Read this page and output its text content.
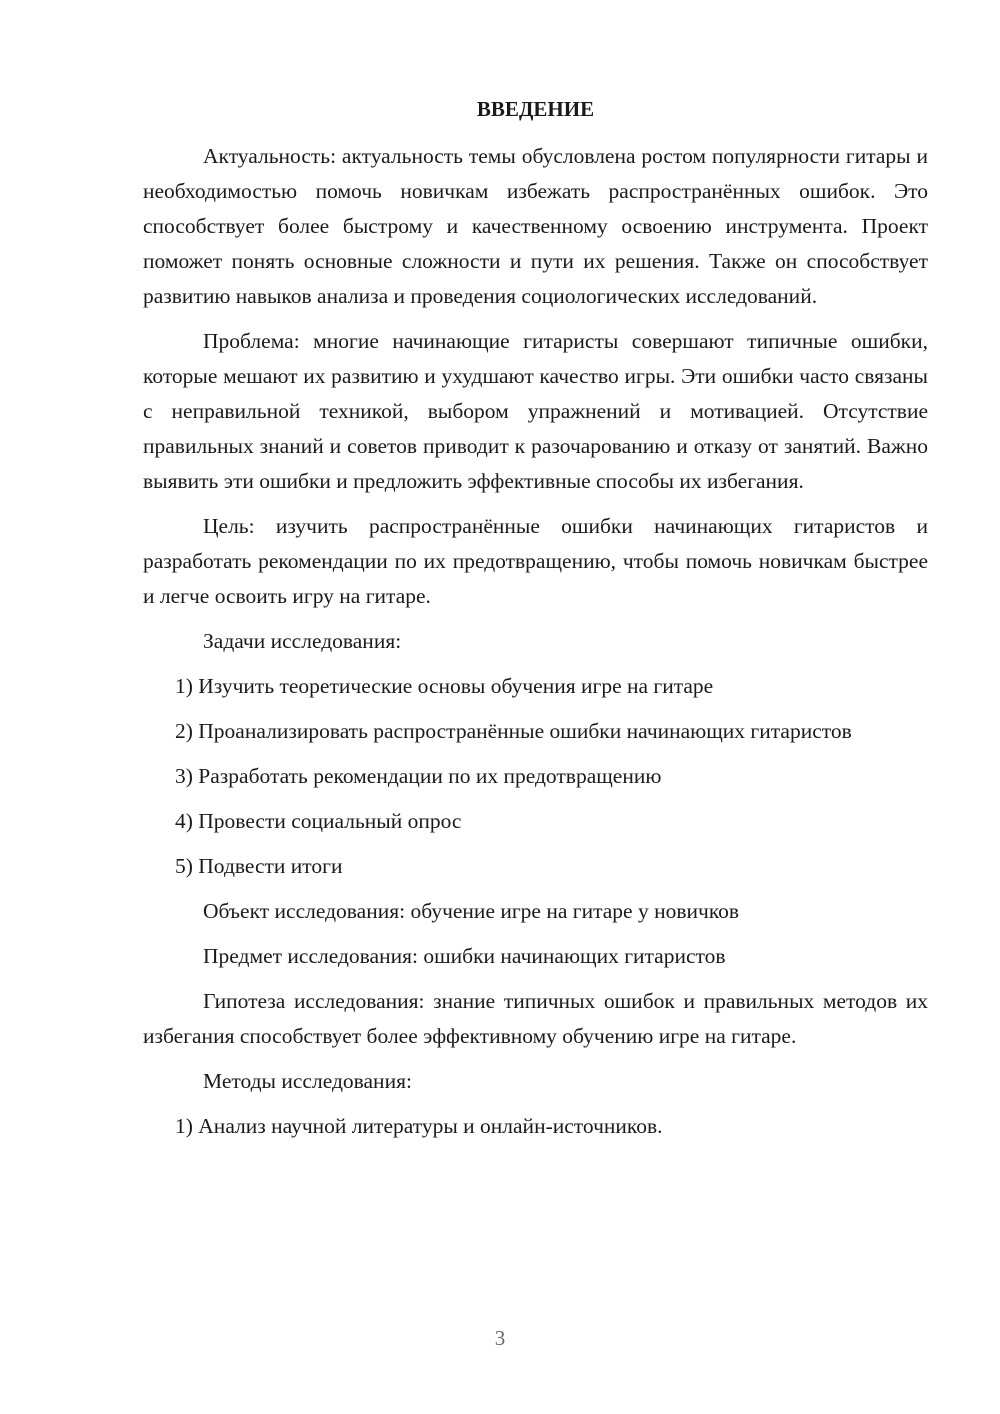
ВВЕДЕНИЕ

Актуальность: актуальность темы обусловлена ростом популярности гитары и необходимостью помочь новичкам избежать распространённых ошибок. Это способствует более быстрому и качественному освоению инструмента. Проект поможет понять основные сложности и пути их решения. Также он способствует развитию навыков анализа и проведения социологических исследований.

Проблема: многие начинающие гитаристы совершают типичные ошибки, которые мешают их развитию и ухудшают качество игры. Эти ошибки часто связаны с неправильной техникой, выбором упражнений и мотивацией. Отсутствие правильных знаний и советов приводит к разочарованию и отказу от занятий. Важно выявить эти ошибки и предложить эффективные способы их избегания.

Цель: изучить распространённые ошибки начинающих гитаристов и разработать рекомендации по их предотвращению, чтобы помочь новичкам быстрее и легче освоить игру на гитаре.

Задачи исследования:

1) Изучить теоретические основы обучения игре на гитаре

2) Проанализировать распространённые ошибки начинающих гитаристов

3) Разработать рекомендации по их предотвращению

4) Провести социальный опрос

5) Подвести итоги

Объект исследования: обучение игре на гитаре у новичков

Предмет исследования: ошибки начинающих гитаристов

Гипотеза исследования: знание типичных ошибок и правильных методов их избегания способствует более эффективному обучению игре на гитаре.

Методы исследования:

1) Анализ научной литературы и онлайн-источников.

3
